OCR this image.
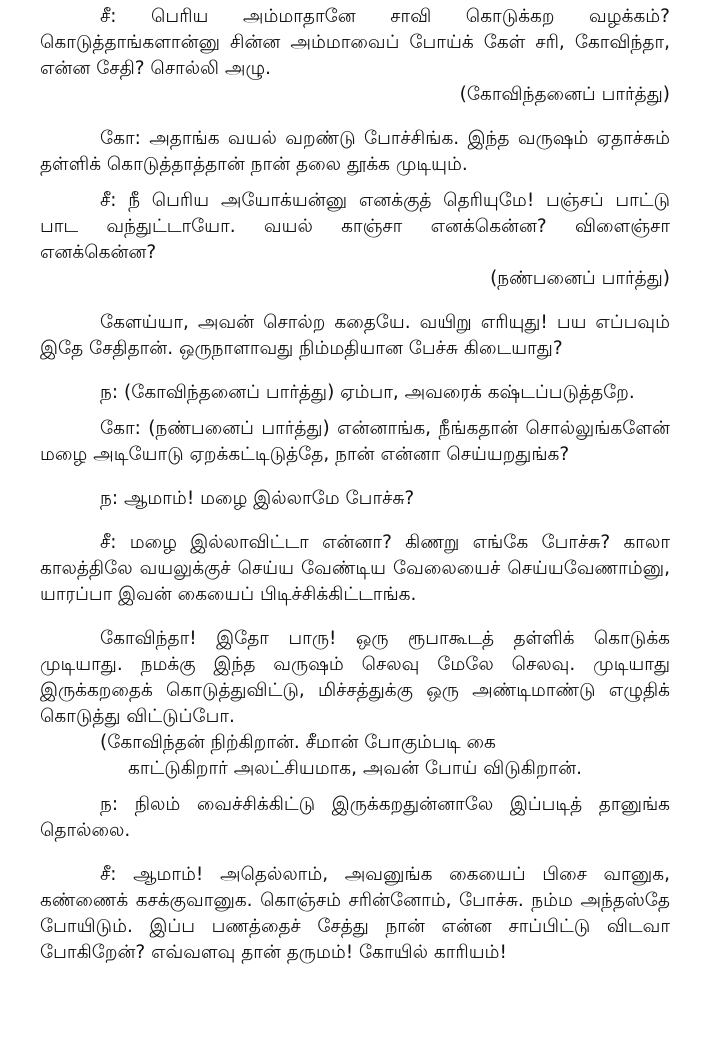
சீ: பெரிய அம்மாதானே சாவி கொடுக்கற வழக்கம்? கொடுத்தாங்களான்னு சின்ன அம்மாவைப் போய்க் கேள் சரி, கோவிந்தா, என்ன சேதி? சொல்லி அழு.

(கோவிந்தனைப் பார்த்து)

கோ: அதாங்க வயல் வறண்டு போச்சிங்க. இந்த வருஷம் ஏதாச்சும் தள்ளிக் கொடுத்தாத்தான் நான் தலை தூக்க முடியும்.

சீ: நீ பெரிய அயோக்யன்னு எனக்குத் தெரியுமே! பஞ்சப் பாட்டு பாட வந்துட்டாயோ. வயல் காஞ்சா எனக்கென்ன? விளைஞ்சா எனக்கென்ன?

(நண்பனைப் பார்த்து)

கேளய்யா, அவன் சொல்ற கதையே. வயிறு எரியுது! பய எப்பவும் இதே சேதிதான். ஒருநாளாவது நிம்மதியான பேச்சு கிடையாது?

ந: (கோவிந்தனைப் பார்த்து) ஏம்பா, அவரைக் கஷ்டப்படுத்தறே.

கோ: (நண்பனைப் பார்த்து) என்னாங்க, நீங்கதான் சொல்லுங்களேன் மழை அடியோடு ஏறக்கட்டிடுத்தே, நான் என்னா செய்யறதுங்க?

ந: ஆமாம்! மழை இல்லாமே போச்சு?

சீ: மழை இல்லாவிட்டா என்னா? கிணறு எங்கே போச்சு? காலா காலத்திலே வயலுக்குச் செய்ய வேண்டிய வேலையைச் செய்யவேணாம்னு, யாரப்பா இவன் கையைப் பிடிச்சிக்கிட்டாங்க.

கோவிந்தா! இதோ பாரு! ஒரு ரூபாகூடத் தள்ளிக் கொடுக்க முடியாது. நமக்கு இந்த வருஷம் செலவு மேலே செலவு. முடியாது இருக்கறதைக் கொடுத்துவிட்டு, மிச்சத்துக்கு ஒரு அண்டிமாண்டு எழுதிக் கொடுத்து விட்டுப்போ.

(கோவிந்தன் நிற்கிறான். சீமான் போகும்படி கை
காட்டுகிறார் அலட்சியமாக, அவன் போய் விடுகிறான்.

ந: நிலம் வைச்சிக்கிட்டு இருக்கறதுன்னாலே இப்படித் தானுங்க தொல்லை.

சீ: ஆமாம்! அதெல்லாம், அவனுங்க கையைப் பிசை வானுக, கண்ணைக் கசக்குவானுக. கொஞ்சம் சரின்னோம், போச்சு. நம்ம அந்தஸ்தே போயிடும். இப்ப பணத்தைச் சேத்து நான் என்ன சாப்பிட்டு விடவா போகிறேன்? எவ்வளவு தான் தருமம்! கோயில் காரியம்!
